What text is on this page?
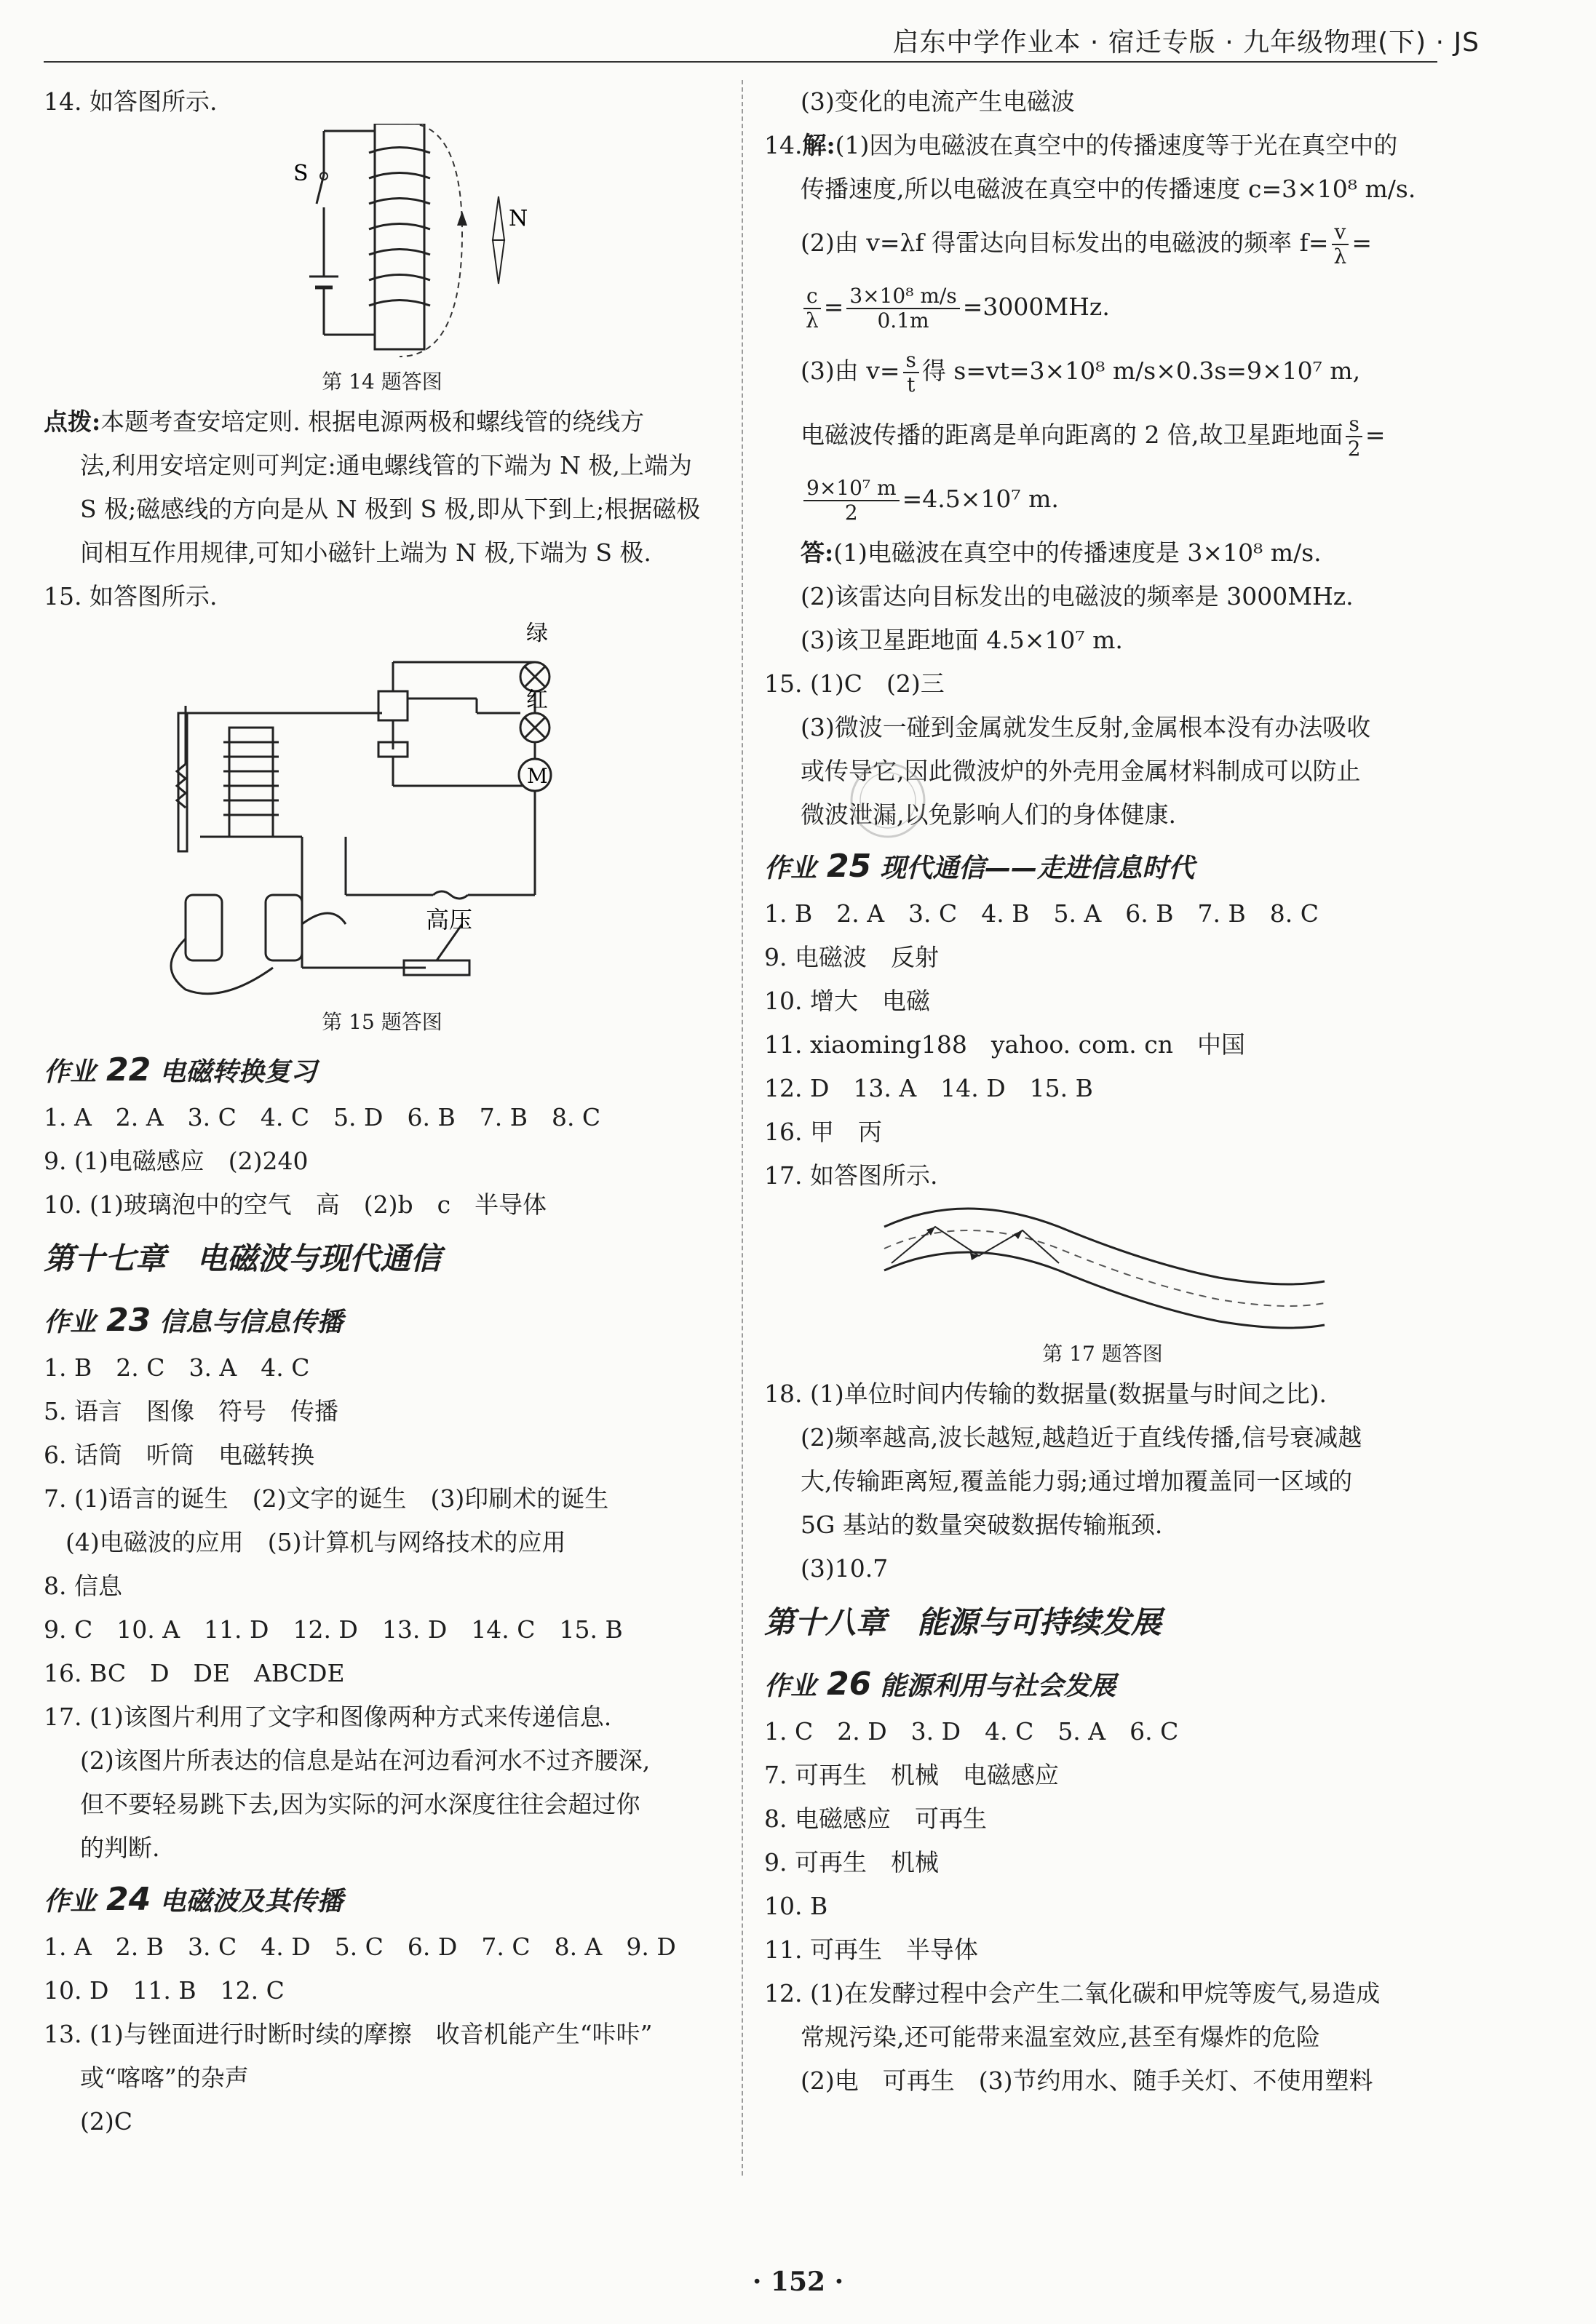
启东中学作业本 · 宿迁专版 · 九年级物理(下) · JS
14. 如答图所示.
S
N
第 14 题答图
点拨:本题考查安培定则. 根据电源两极和螺线管的绕线方
法,利用安培定则可判定:通电螺线管的下端为 N 极,上端为
S 极;磁感线的方向是从 N 极到 S 极,即从下到上;根据磁极
间相互作用规律,可知小磁针上端为 N 极,下端为 S 极.
15. 如答图所示.
绿
红
M
高压
第 15 题答图
作业 22 电磁转换复习
1. A　2. A　3. C　4. C　5. D　6. B　7. B　8. C
9. (1)电磁感应　(2)240
10. (1)玻璃泡中的空气　高　(2)b　c　半导体
第十七章　电磁波与现代通信
作业 23 信息与信息传播
1. B　2. C　3. A　4. C
5. 语言　图像　符号　传播
6. 话筒　听筒　电磁转换
7. (1)语言的诞生　(2)文字的诞生　(3)印刷术的诞生
(4)电磁波的应用　(5)计算机与网络技术的应用
8. 信息
9. C　10. A　11. D　12. D　13. D　14. C　15. B
16. BC　D　DE　ABCDE
17. (1)该图片利用了文字和图像两种方式来传递信息.
(2)该图片所表达的信息是站在河边看河水不过齐腰深,
但不要轻易跳下去,因为实际的河水深度往往会超过你
的判断.
作业 24 电磁波及其传播
1. A　2. B　3. C　4. D　5. C　6. D　7. C　8. A　9. D
10. D　11. B　12. C
13. (1)与锉面进行时断时续的摩擦　收音机能产生“咔咔”
或“喀喀”的杂声
(2)C
(3)变化的电流产生电磁波
14.解:(1)因为电磁波在真空中的传播速度等于光在真空中的
传播速度,所以电磁波在真空中的传播速度 c=3×10⁸ m/s.
(2)由 v=λf 得雷达向目标发出的电磁波的频率 $f= \frac{v}{\lambda}$ =
$\frac{c}{\lambda} = \frac{\text{3×10⁸ m/s}}{0.1m} =3000MHz$.
(3)由 $v= \frac{s}{t}$ 得 s=vt=3×10⁸ m/s×0.3s=9×10⁷ m,
电磁波传播的距离是单向距离的 2 倍,故卫星距地面 $\frac{s}{2}$ =
$\frac{\text{9×10⁷ m}}{2} =4.5\times 10^7$ m.
答:(1)电磁波在真空中的传播速度是 3×10⁸ m/s.
(2)该雷达向目标发出的电磁波的频率是 3000MHz.
(3)该卫星距地面 4.5×10⁷ m.
15. (1)C　(2)三
(3)微波一碰到金属就发生反射,金属根本没有办法吸收
或传导它,因此微波炉的外壳用金属材料制成可以防止
微波泄漏,以免影响人们的身体健康.
作业 25 现代通信——走进信息时代
1. B　2. A　3. C　4. B　5. A　6. B　7. B　8. C
9. 电磁波　反射
10. 增大　电磁
11. xiaoming188　yahoo. com. cn　中国
12. D　13. A　14. D　15. B
16. 甲　丙
17. 如答图所示.
第 17 题答图
18. (1)单位时间内传输的数据量(数据量与时间之比).
(2)频率越高,波长越短,越趋近于直线传播,信号衰减越
大,传输距离短,覆盖能力弱;通过增加覆盖同一区域的
5G 基站的数量突破数据传输瓶颈.
(3)10.7
第十八章　能源与可持续发展
作业 26 能源利用与社会发展
1. C　2. D　3. D　4. C　5. A　6. C
7. 可再生　机械　电磁感应
8. 电磁感应　可再生
9. 可再生　机械
10. B
11. 可再生　半导体
12. (1)在发酵过程中会产生二氧化碳和甲烷等废气,易造成
常规污染,还可能带来温室效应,甚至有爆炸的危险
(2)电　可再生　(3)节约用水、随手关灯、不使用塑料
· 152 ·
